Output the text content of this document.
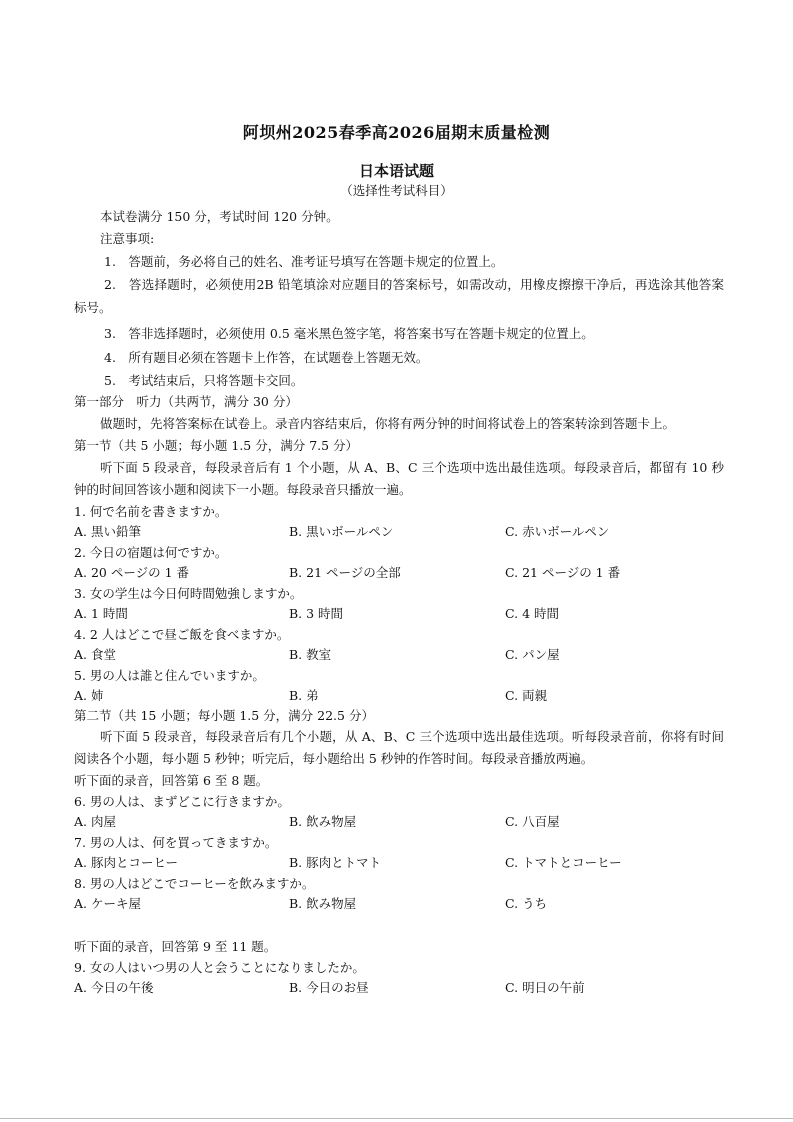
阿坝州2025春季高2026届期末质量检测
日本语试题
（选择性考试科目）
本试卷满分 150 分，考试时间 120 分钟。
注意事项:
1.　答题前，务必将自己的姓名、准考证号填写在答题卡规定的位置上。
2.　答选择题时，必须使用2B 铅笔填涂对应题目的答案标号，如需改动，用橡皮擦擦干净后，再选涂其他答案标号。
3.　答非选择题时，必须使用 0.5 毫米黑色签字笔，将答案书写在答题卡规定的位置上。
4.　所有题目必须在答题卡上作答，在试题卷上答题无效。
5.　考试结束后，只将答题卡交回。
第一部分　听力（共两节，满分 30 分）
做题时，先将答案标在试卷上。录音内容结束后，你将有两分钟的时间将试卷上的答案转涂到答题卡上。
第一节（共 5 小题；每小题 1.5 分，满分 7.5 分）
听下面 5 段录音，每段录音后有 1 个小题，从 A、B、C 三个选项中选出最佳选项。每段录音后，都留有 10 秒钟的时间回答该小题和阅读下一小题。每段录音只播放一遍。
1. 何で名前を書きますか。
A. 黒い鉛筆	B. 黒いボールペン	C. 赤いボールペン
2. 今日の宿題は何ですか。
A. 20 ページの 1 番	B. 21 ページの全部	C. 21 ページの 1 番
3. 女の学生は今日何時間勉強しますか。
A. 1 時間	B. 3 時間	C. 4 時間
4. 2 人はどこで昼ご飯を食べますか。
A. 食堂	B. 教室	C. パン屋
5. 男の人は誰と住んでいますか。
A. 姉	B. 弟	C. 両親
第二节（共 15 小题；每小题 1.5 分，满分 22.5 分）
听下面 5 段录音，每段录音后有几个小题，从 A、B、C 三个选项中选出最佳选项。听每段录音前，你将有时间阅读各个小题，每小题 5 秒钟；听完后，每小题给出 5 秒钟的作答时间。每段录音播放两遍。
听下面的录音，回答第 6 至 8 题。
6. 男の人は、まずどこに行きますか。
A. 肉屋	B. 飲み物屋	C. 八百屋
7. 男の人は、何を買ってきますか。
A. 豚肉とコーヒー	B. 豚肉とトマト	C. トマトとコーヒー
8. 男の人はどこでコーヒーを飲みますか。
A. ケーキ屋	B. 飲み物屋	C. うち
听下面的录音，回答第 9 至 11 题。
9. 女の人はいつ男の人と会うことになりましたか。
A. 今日の午後	B. 今日のお昼	C. 明日の午前
